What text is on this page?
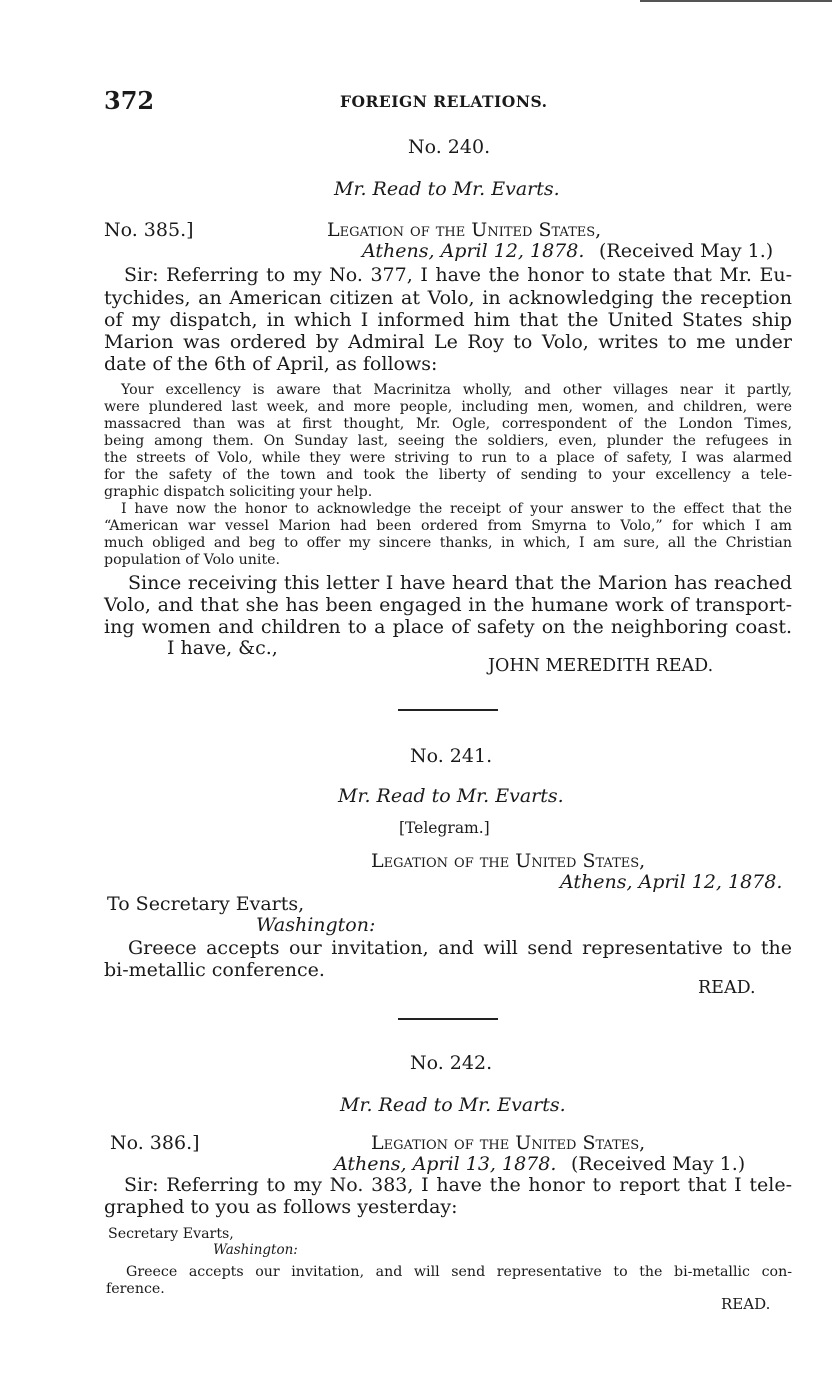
372	FOREIGN RELATIONS.
No. 240.
Mr. Read to Mr. Evarts.
No. 385.]	Legation of the United States,
Athens, April 12, 1878. (Received May 1.)
Sir: Referring to my No. 377, I have the honor to state that Mr. Eu-
tychides, an American citizen at Volo, in acknowledging the reception
of my dispatch, in which I informed him that the United States ship
Marion was ordered by Admiral Le Roy to Volo, writes to me under
date of the 6th of April, as follows:
Your excellency is aware that Macrinitza wholly, and other villages near it partly,
were plundered last week, and more people, including men, women, and children, were
massacred than was at first thought, Mr. Ogle, correspondent of the London Times,
being among them. On Sunday last, seeing the soldiers, even, plunder the refugees in
the streets of Volo, while they were striving to run to a place of safety, I was alarmed
for the safety of the town and took the liberty of sending to your excellency a tele-
graphic dispatch soliciting your help.
I have now the honor to acknowledge the receipt of your answer to the effect that the
“American war vessel Marion had been ordered from Smyrna to Volo,” for which I am
much obliged and beg to offer my sincere thanks, in which, I am sure, all the Christian
population of Volo unite.
Since receiving this letter I have heard that the Marion has reached
Volo, and that she has been engaged in the humane work of transport-
ing women and children to a place of safety on the neighboring coast.
I have, &c.,
JOHN MEREDITH READ.
No. 241.
Mr. Read to Mr. Evarts.
[Telegram.]
Legation of the United States,
Athens, April 12, 1878.
To Secretary Evarts,
Washington:
Greece accepts our invitation, and will send representative to the
bi-metallic conference.
READ.
No. 242.
Mr. Read to Mr. Evarts.
No. 386.]	Legation of the United States,
Athens, April 13, 1878. (Received May 1.)
Sir: Referring to my No. 383, I have the honor to report that I tele-
graphed to you as follows yesterday:
Secretary Evarts,
Washington:
Greece accepts our invitation, and will send representative to the bi-metallic con-
ference.
READ.
